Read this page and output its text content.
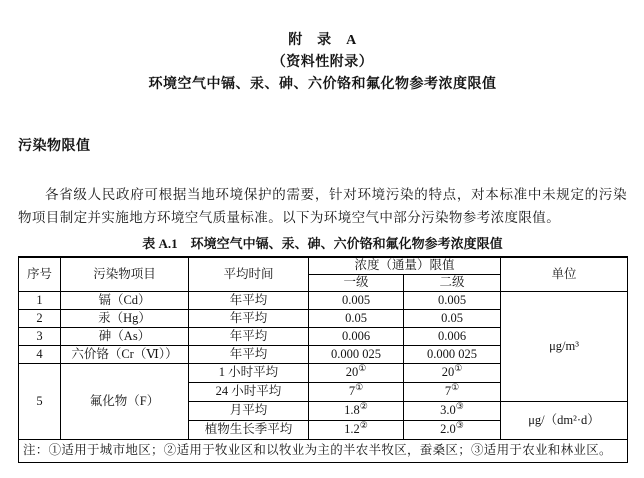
附　录　A
（资料性附录）
环境空气中镉、汞、砷、六价铬和氟化物参考浓度限值
污染物限值

各省级人民政府可根据当地环境保护的需要，针对环境污染的特点，对本标准中未规定的污染物项目制定并实施地方环境空气质量标准。以下为环境空气中部分污染物参考浓度限值。

表 A.1　环境空气中镉、汞、砷、六价铬和氟化物参考浓度限值
序号	污染物项目	平均时间	浓度（通量）限值		单位
			一级	二级	
1	镉（Cd）	年平均	0.005	0.005	μg/m³
2	汞（Hg）	年平均	0.05	0.05	
3	砷（As）	年平均	0.006	0.006	
4	六价铬（Cr（Ⅵ））	年平均	0.000 025	0.000 025	
5	氟化物（F）	1 小时平均	20①	20①
		24 小时平均	7①	7①
		月平均	1.8②	3.0③	μg/（dm²·d）
		植物生长季平均	1.2②	2.0③
注：①适用于城市地区；②适用于牧业区和以牧业为主的半农半牧区，蚕桑区；③适用于农业和林业区。					
